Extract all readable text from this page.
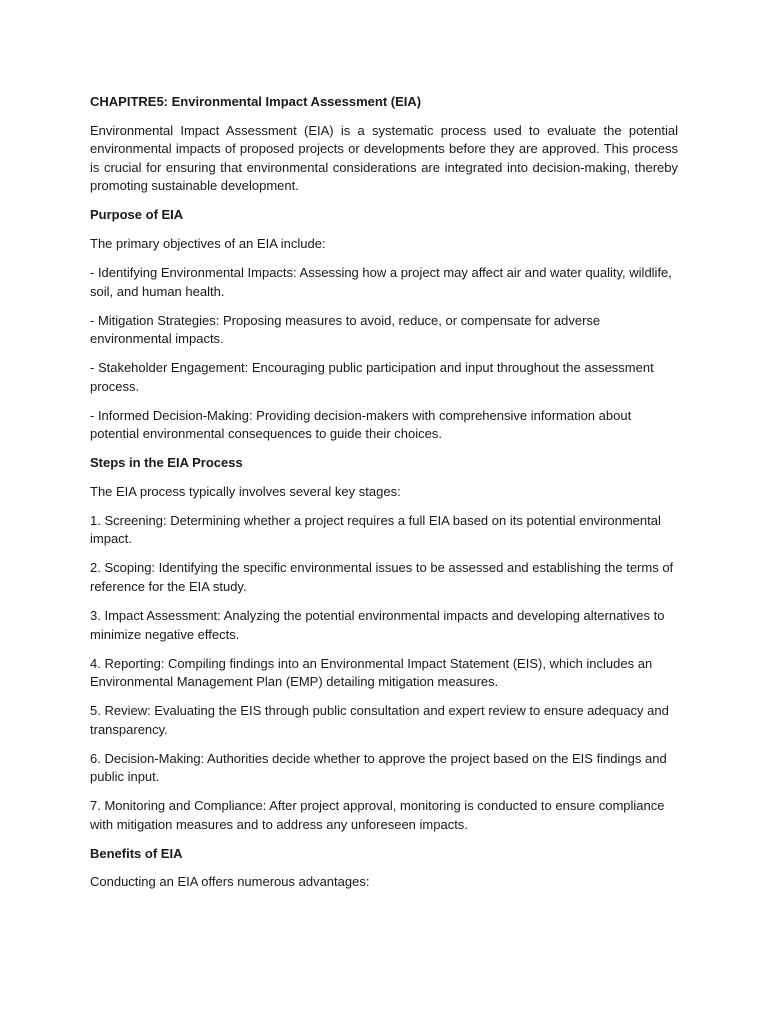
CHAPITRE5: Environmental Impact Assessment (EIA)

Environmental Impact Assessment (EIA) is a systematic process used to evaluate the potential environmental impacts of proposed projects or developments before they are approved. This process is crucial for ensuring that environmental considerations are integrated into decision-making, thereby promoting sustainable development.

Purpose of EIA

The primary objectives of an EIA include:

- Identifying Environmental Impacts: Assessing how a project may affect air and water quality, wildlife, soil, and human health.

- Mitigation Strategies: Proposing measures to avoid, reduce, or compensate for adverse environmental impacts.

- Stakeholder Engagement: Encouraging public participation and input throughout the assessment process.

- Informed Decision-Making: Providing decision-makers with comprehensive information about potential environmental consequences to guide their choices.

Steps in the EIA Process

The EIA process typically involves several key stages:

1. Screening: Determining whether a project requires a full EIA based on its potential environmental impact.

2. Scoping: Identifying the specific environmental issues to be assessed and establishing the terms of reference for the EIA study.

3. Impact Assessment: Analyzing the potential environmental impacts and developing alternatives to minimize negative effects.

4. Reporting: Compiling findings into an Environmental Impact Statement (EIS), which includes an Environmental Management Plan (EMP) detailing mitigation measures.

5. Review: Evaluating the EIS through public consultation and expert review to ensure adequacy and transparency.

6. Decision-Making: Authorities decide whether to approve the project based on the EIS findings and public input.

7. Monitoring and Compliance: After project approval, monitoring is conducted to ensure compliance with mitigation measures and to address any unforeseen impacts.

Benefits of EIA

Conducting an EIA offers numerous advantages:
